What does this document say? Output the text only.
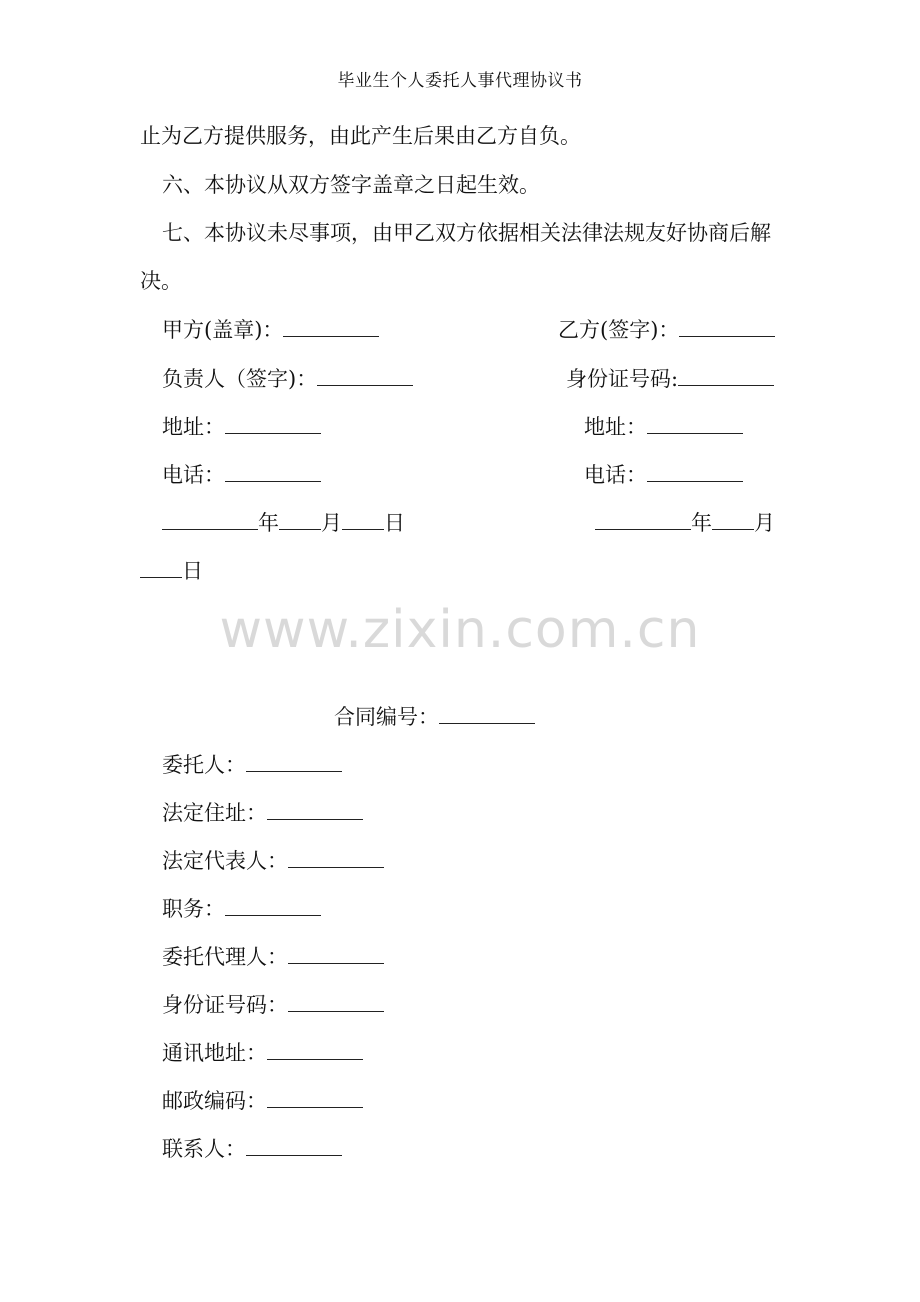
毕业生个人委托人事代理协议书
止为乙方提供服务，由此产生后果由乙方自负。
六、本协议从双方签字盖章之日起生效。
七、本协议未尽事项，由甲乙双方依据相关法律法规友好协商后解
决。
甲方(盖章)：	乙方(签字)：
负责人（签字)：	身份证号码:
地址：	地址：
电话：	电话：
年 月 日	年 月
日
www.zixin.com.cn
合同编号：
委托人：
法定住址：
法定代表人：
职务：
委托代理人：
身份证号码：
通讯地址：
邮政编码：
联系人：
